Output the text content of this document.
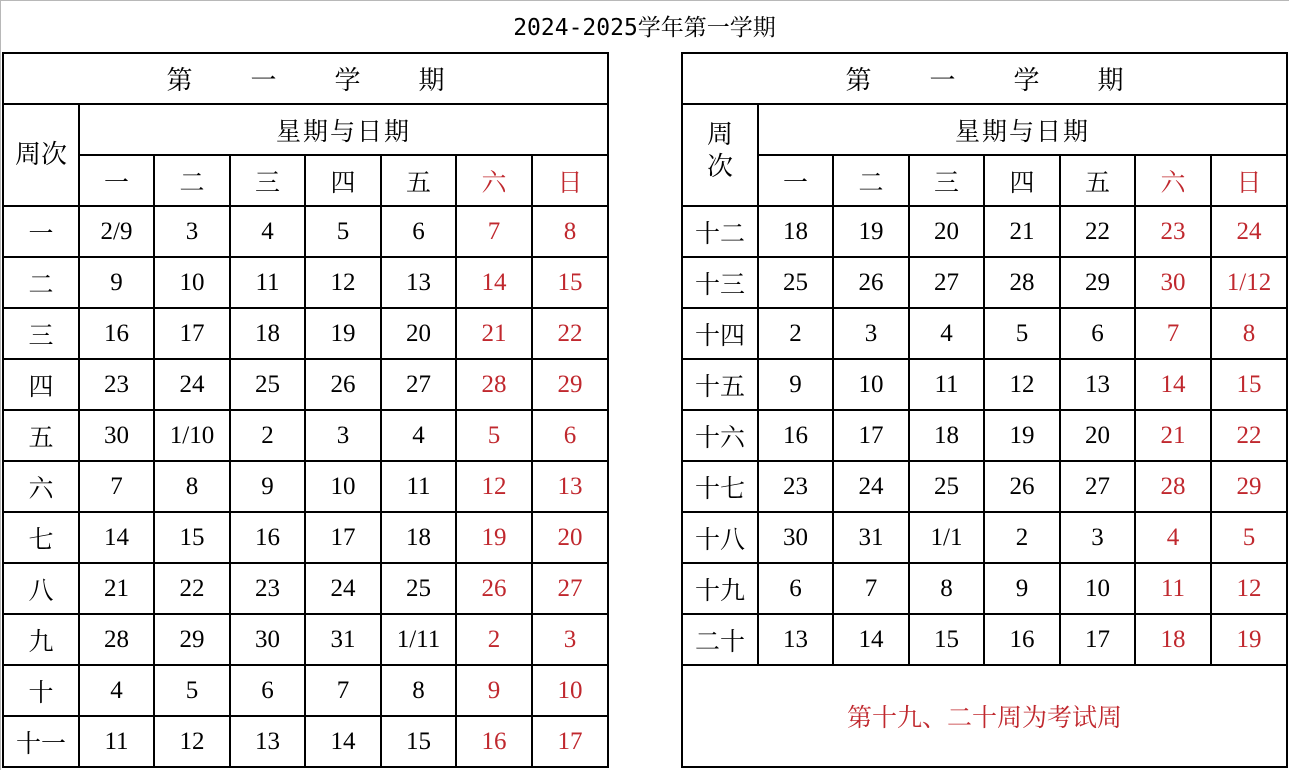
2024-2025学年第一学期
第 一 学 期							
周次	星期与日期						
	一	二	三	四	五	六	日
一	2/9	3	4	5	6	7	8
二	9	10	11	12	13	14	15
三	16	17	18	19	20	21	22
四	23	24	25	26	27	28	29
五	30	1/10	2	3	4	5	6
六	7	8	9	10	11	12	13
七	14	15	16	17	18	19	20
八	21	22	23	24	25	26	27
九	28	29	30	31	1/11	2	3
十	4	5	6	7	8	9	10
十一	11	12	13	14	15	16	17
第 一 学 期							

周
次	星期与日期						
	一	二	三	四	五	六	日
十二	18	19	20	21	22	23	24
十三	25	26	27	28	29	30	1/12
十四	2	3	4	5	6	7	8
十五	9	10	11	12	13	14	15
十六	16	17	18	19	20	21	22
十七	23	24	25	26	27	28	29
十八	30	31	1/1	2	3	4	5
十九	6	7	8	9	10	11	12
二十	13	14	15	16	17	18	19
第十九、二十周为考试周							
